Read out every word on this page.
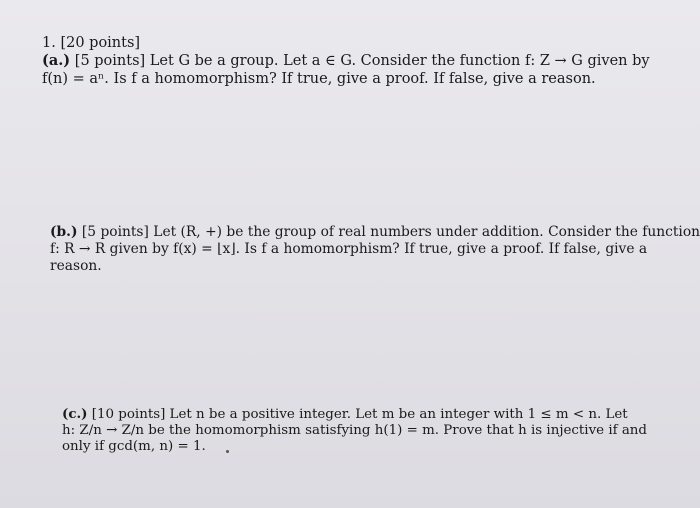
1. [20 points]
(a.) [5 points] Let G be a group. Let a ∈ G. Consider the function f: Z → G given by
f(n) = aⁿ. Is f a homomorphism? If true, give a proof. If false, give a reason.
(b.) [5 points] Let (R, +) be the group of real numbers under addition. Consider the function
f: R → R given by f(x) = ⌊x⌋. Is f a homomorphism? If true, give a proof. If false, give a
reason.
(c.) [10 points] Let n be a positive integer. Let m be an integer with 1 ≤ m < n. Let
h: Z/n → Z/n be the homomorphism satisfying h(1) = m. Prove that h is injective if and
only if gcd(m, n) = 1.
